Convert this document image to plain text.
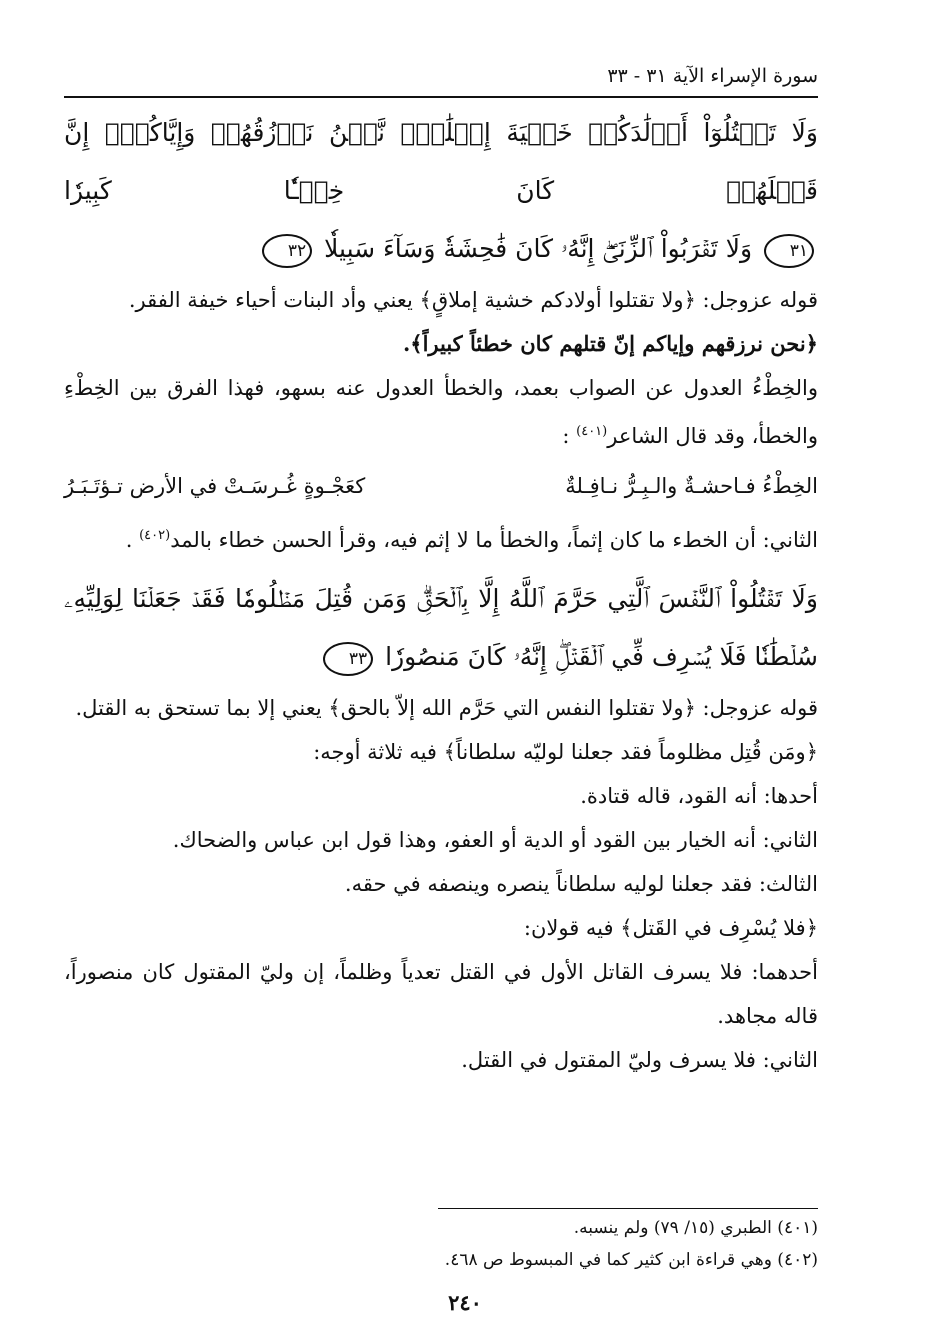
سورة الإسراء الآية ٣١ - ٣٣

وَلَا تَقۡتُلُوٓاْ أَوۡلَٰدَكُمۡ خَشۡيَةَ إِمۡلَٰقٖۖ نَّحۡنُ نَرۡزُقُهُمۡ وَإِيَّاكُمۡۚ إِنَّ قَتۡلَهُمۡ كَانَ خِطۡـٔٗا كَبِيرٗا

٣١ وَلَا تَقۡرَبُواْ ٱلزِّنَىٰٓۖ إِنَّهُۥ كَانَ فَٰحِشَةٗ وَسَآءَ سَبِيلٗا ٣٢

قوله عزوجل: ﴿ولا تقتلوا أولادكم خشية إملاقٍ﴾ يعني وأد البنات أحياء خيفة الفقر.

﴿نحن نرزقهم وإياكم إنّ قتلهم كان خطئاً كبيراً﴾.

والخِطْءُ العدول عن الصواب بعمد، والخطأ العدول عنه بسهو، فهذا الفرق بين الخِطْءِ والخطأ، وقد قال الشاعر$^{(٤٠١)}$ :

الخِطْءُ فـاحشـةٌ والـبِـرُّ نـافِـلةٌ
كعَجْـوةٍ غُـرسَـتْ في الأرض تـؤتَـبَـرُ

الثاني: أن الخطء ما كان إثماً، والخطأ ما لا إثم فيه، وقرأ الحسن خطاء بالمد$^{(٤٠٢)}$ .

وَلَا تَقۡتُلُواْ ٱلنَّفۡسَ ٱلَّتِي حَرَّمَ ٱللَّهُ إِلَّا بِٱلۡحَقِّۗ وَمَن قُتِلَ مَظۡلُومٗا فَقَدۡ جَعَلۡنَا لِوَلِيِّهِۦ

سُلۡطَٰنٗا فَلَا يُسۡرِف فِّي ٱلۡقَتۡلِۖ إِنَّهُۥ كَانَ مَنصُورٗا ٣٣

قوله عزوجل: ﴿ولا تقتلوا النفس التي حَرَّم الله إلاّ بالحق﴾ يعني إلا بما تستحق به القتل.

﴿ومَن قُتِل مظلوماً فقد جعلنا لوليّه سلطاناً﴾ فيه ثلاثة أوجه:

أحدها: أنه القود، قاله قتادة.

الثاني: أنه الخيار بين القود أو الدية أو العفو، وهذا قول ابن عباس والضحاك.

الثالث: فقد جعلنا لوليه سلطاناً ينصره وينصفه في حقه.

﴿فلا يُسْرِف في القَتل﴾ فيه قولان:

أحدهما: فلا يسرف القاتل الأول في القتل تعدياً وظلماً، إن وليّ المقتول كان منصوراً، قاله مجاهد.

الثاني: فلا يسرف وليّ المقتول في القتل.

(٤٠١) الطبري (١٥/ ٧٩) ولم ينسبه.
(٤٠٢) وهي قراءة ابن كثير كما في المبسوط ص ٤٦٨.
٢٤٠
